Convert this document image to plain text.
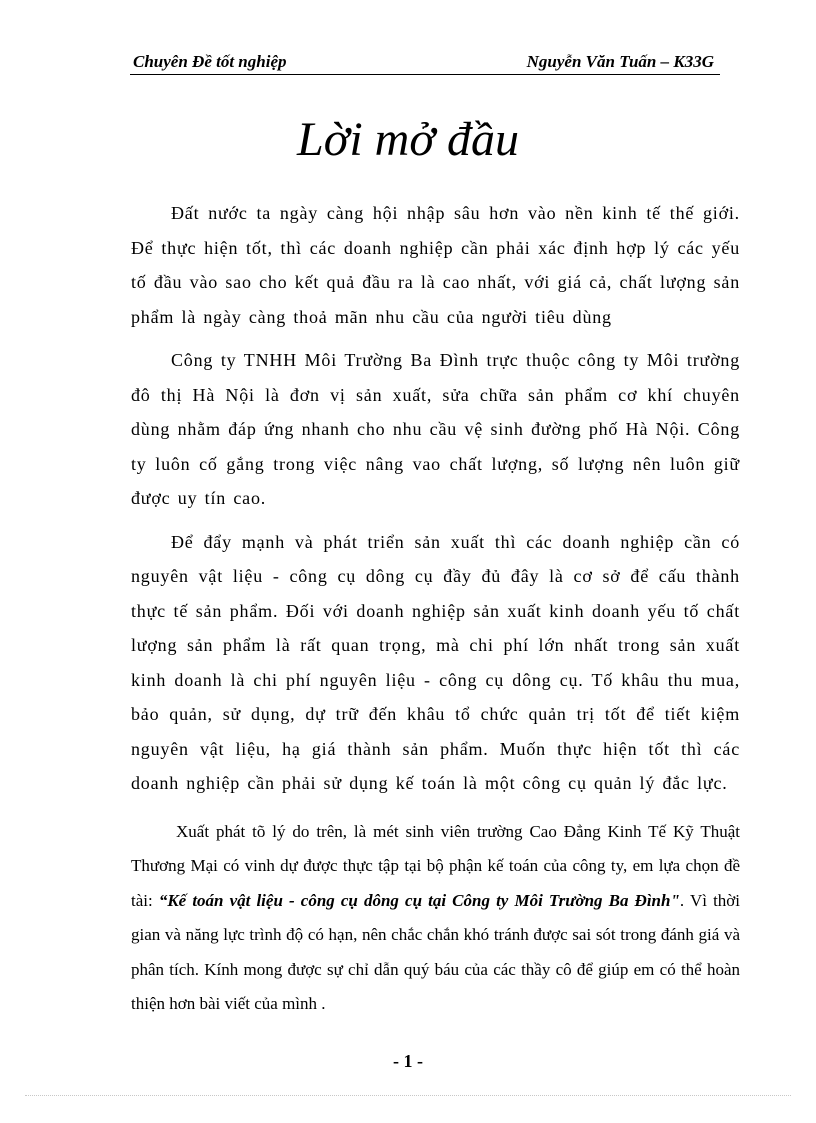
Chuyên Đề tốt nghiệp	Nguyễn Văn Tuấn – K33G
Lời mở đầu

Đất nước ta ngày càng hội nhập sâu hơn vào nền kinh tế thế giới. Để thực hiện tốt, thì các doanh nghiệp cần phải xác định hợp lý các yếu tố đầu vào sao cho kết quả đầu ra là cao nhất, với giá cả, chất lượng sản phẩm là ngày càng thoả mãn nhu cầu của người tiêu dùng

Công ty TNHH Môi Trường Ba Đình trực thuộc công ty Môi trường đô thị Hà Nội là đơn vị sản xuất, sửa chữa sản phẩm cơ khí chuyên dùng nhằm đáp ứng nhanh cho nhu cầu vệ sinh đường phố Hà Nội. Công ty luôn cố gắng trong việc nâng vao chất lượng, số lượng nên luôn giữ được uy tín cao.

Để đẩy mạnh và phát triển sản xuất thì các doanh nghiệp cần có nguyên vật liệu - công cụ dông cụ đầy đủ đây là cơ sở để cấu thành thực tế sản phẩm. Đối với doanh nghiệp sản xuất kinh doanh yếu tố chất lượng sản phẩm là rất quan trọng, mà chi phí lớn nhất trong sản xuất kinh doanh là chi phí nguyên liệu - công cụ dông cụ. Tố khâu thu mua, bảo quản, sử dụng, dự trữ đến khâu tổ chức quản trị tốt để tiết kiệm nguyên vật liệu, hạ giá thành sản phẩm. Muốn thực hiện tốt thì các doanh nghiệp cần phải sử dụng kế toán là một công cụ quản lý đắc lực.

Xuất phát tõ lý do trên, là mét sinh viên trường Cao Đẳng Kinh Tế Kỹ Thuật Thương Mại có vinh dự được thực tập tại bộ phận kế toán của công ty, em lựa chọn đề tài: “Kế toán vật liệu - công cụ dông cụ tại Công ty Môi Trường Ba Đình". Vì thời gian và năng lực trình độ có hạn, nên chắc chắn khó tránh được sai sót trong đánh giá và phân tích. Kính mong được sự chỉ dẫn quý báu của các thầy cô để giúp em có thể hoàn thiện hơn bài viết của mình .

- 1 -
